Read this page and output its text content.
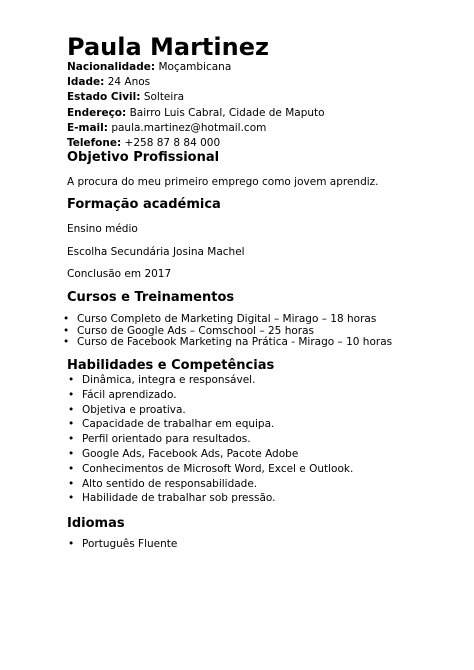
Paula Martinez
Nacionalidade: Moçambicana
Idade: 24 Anos
Estado Civil: Solteira
Endereço: Bairro Luis Cabral, Cidade de Maputo
E-mail: paula.martinez@hotmail.com
Telefone: +258 87 8 84 000
Objetivo Profissional
A procura do meu primeiro emprego como jovem aprendiz.
Formação académica
Ensino médio
Escolha Secundária Josina Machel
Conclusão em 2017
Cursos e Treinamentos
• Curso Completo de Marketing Digital – Mirago – 18 horas
• Curso de Google Ads – Comschool – 25 horas
• Curso de Facebook Marketing na Prática - Mirago – 10 horas
Habilidades e Competências
• Dinâmica, integra e responsável.
• Fácil aprendizado.
• Objetiva e proativa.
• Capacidade de trabalhar em equipa.
• Perfil orientado para resultados.
• Google Ads, Facebook Ads, Pacote Adobe
• Conhecimentos de Microsoft Word, Excel e Outlook.
• Alto sentido de responsabilidade.
• Habilidade de trabalhar sob pressão.
Idiomas
• Português Fluente
